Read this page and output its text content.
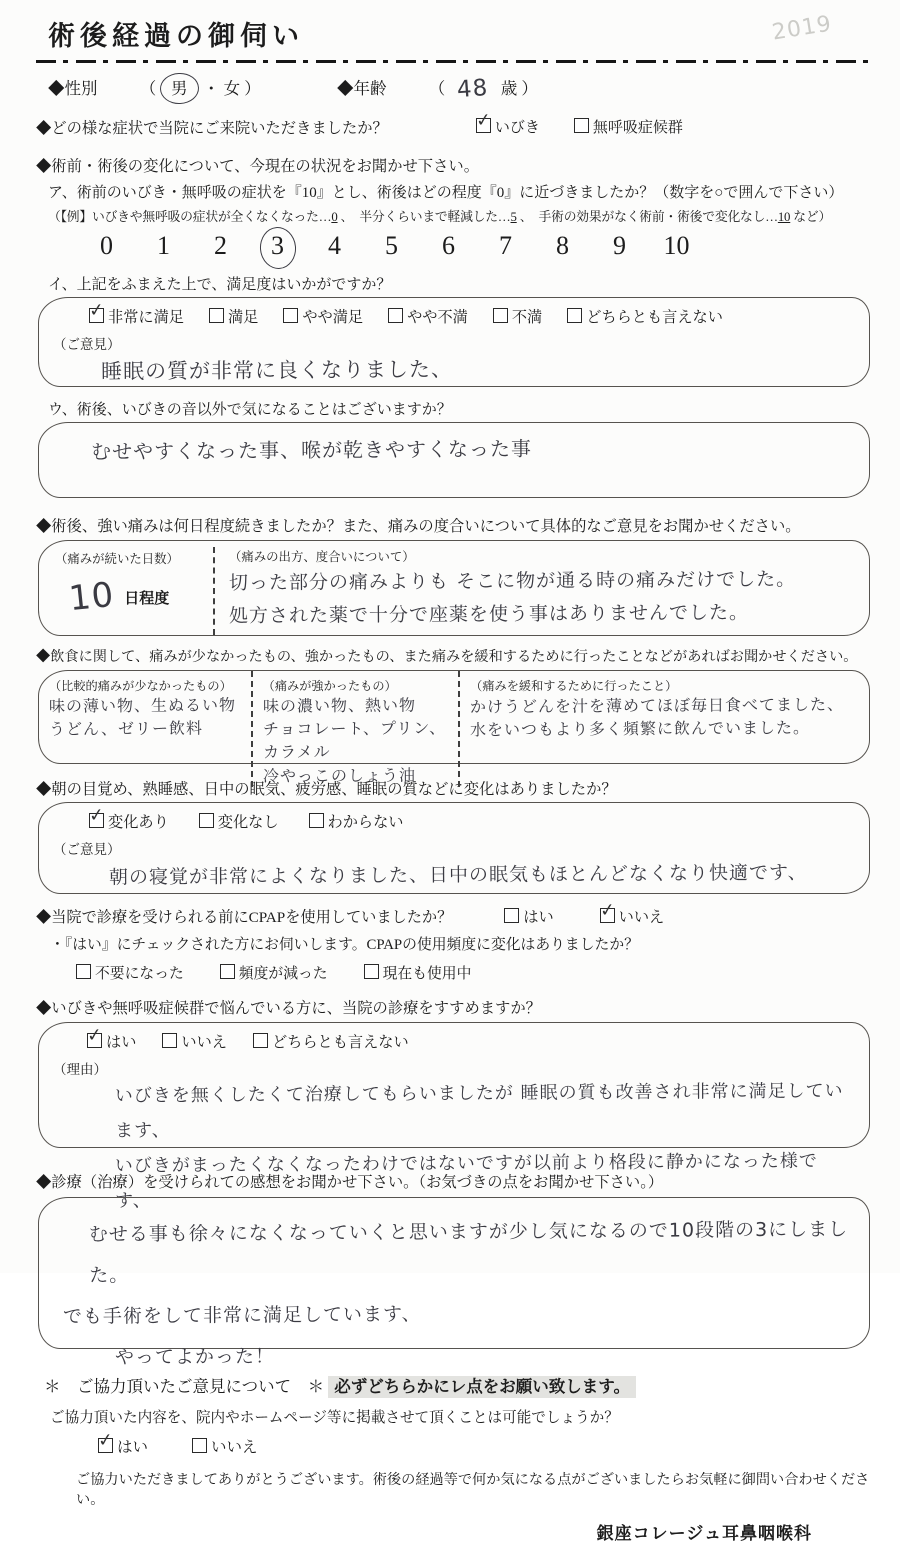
2019
術後経過の御伺い
◆性別	（ 男 ・ 女 ）	◆年齢	（ 48 歳 ）
◆どの様な症状で当院にご来院いただきましたか？ ✓	いびき	無呼吸症候群
◆術前・術後の変化について、今現在の状況をお聞かせ下さい。
ア、術前のいびき・無呼吸の症状を『10』とし、術後はどの程度『0』に近づきましたか？（数字を○で囲んで下さい）
（【例】いびきや無呼吸の症状が全くなくなった…0 、　半分くらいまで軽減した…5 、　手術の効果がなく術前・術後で変化なし…10 など）
0 1 2 3 4 5 6 7 8 9 10
イ、上記をふまえた上で、満足度はいかがですか？
✓非常に満足	満足	やや満足	やや不満	不満	どちらとも言えない
（ご意見）
睡眠の質が非常に良くなりました、
ウ、術後、いびきの音以外で気になることはございますか？
むせやすくなった事、喉が乾きやすくなった事
◆術後、強い痛みは何日程度続きましたか？また、痛みの度合いについて具体的なご意見をお聞かせください。
（痛みが続いた日数）
10 日程度
（痛みの出方、度合いについて）
切った部分の痛みよりも そこに物が通る時の痛みだけでした。
処方された薬で十分で座薬を使う事はありませんでした。
◆飲食に関して、痛みが少なかったもの、強かったもの、また痛みを緩和するために行ったことなどがあればお聞かせください。
（比較的痛みが少なかったもの）
味の薄い物、生ぬるい物
うどん、ゼリー飲料
（痛みが強かったもの）
味の濃い物、熱い物
チョコレート、プリン、カラメル
冷やっこのしょう油
（痛みを緩和するために行ったこと）
かけうどんを汁を薄めてほぼ毎日食べてました、
水をいつもより多く頻繁に飲んでいました。
◆朝の目覚め、熟睡感、日中の眠気、疲労感、睡眠の質などに変化はありましたか？
✓変化あり	変化なし	わからない
（ご意見）
朝の寝覚が非常によくなりました、日中の眠気もほとんどなくなり快適です、
◆当院で診療を受けられる前にCPAPを使用していましたか？	はい ✓	いいえ
・『はい』にチェックされた方にお伺いします。CPAPの使用頻度に変化はありましたか？
不要になった	頻度が減った	現在も使用中
◆いびきや無呼吸症候群で悩んでいる方に、当院の診療をすすめますか？
✓はい	いいえ	どちらとも言えない
（理由）
いびきを無くしたくて治療してもらいましたが 睡眠の質も改善され非常に満足しています、
いびきがまったくなくなったわけではないですが以前より格段に静かになった様です、
◆診療（治療）を受けられての感想をお聞かせ下さい。（お気づきの点をお聞かせ下さい。）
むせる事も徐々になくなっていくと思いますが少し気になるので10段階の3にしました。
でも手術をして非常に満足しています、
やってよかった！
＊　ご協力頂いたご意見について　＊ 必ずどちらかにレ点をお願い致します。
ご協力頂いた内容を、院内やホームページ等に掲載させて頂くことは可能でしょうか？
✓はい	いいえ
ご協力いただきましてありがとうございます。術後の経過等で何か気になる点がございましたらお気軽に御問い合わせください。
銀座コレージュ耳鼻咽喉科
